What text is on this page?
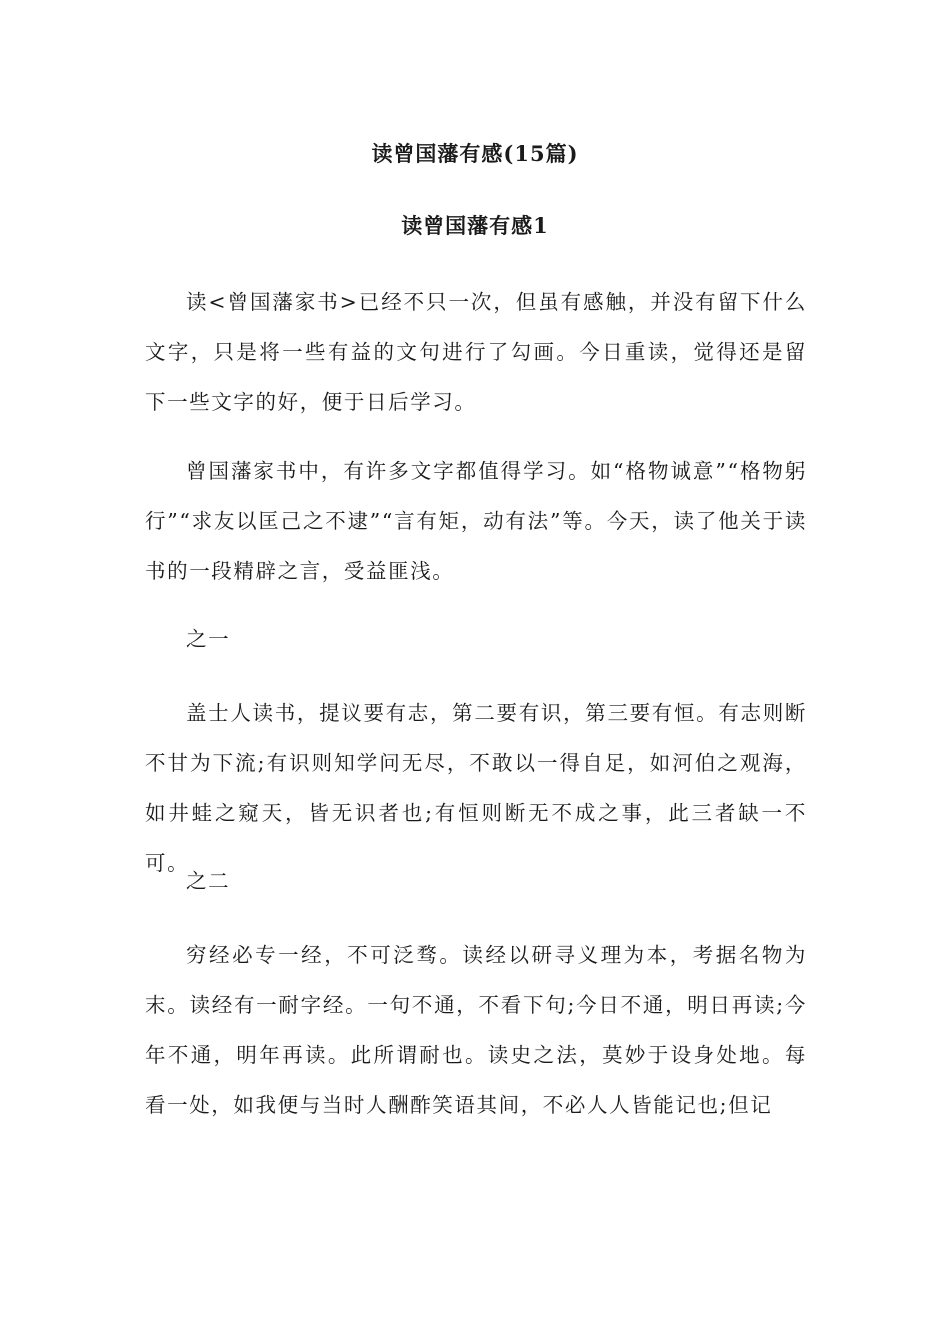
读曾国藩有感(15篇)
读曾国藩有感1

读<曾国藩家书>已经不只一次，但虽有感触，并没有留下什么文字，只是将一些有益的文句进行了勾画。今日重读，觉得还是留下一些文字的好，便于日后学习。

曾国藩家书中，有许多文字都值得学习。如“格物诚意”“格物躬行”“求友以匡己之不逮”“言有矩，动有法”等。今天，读了他关于读书的一段精辟之言，受益匪浅。

之一

盖士人读书，提议要有志，第二要有识，第三要有恒。有志则断不甘为下流;有识则知学问无尽，不敢以一得自足，如河伯之观海，如井蛙之窥天，皆无识者也;有恒则断无不成之事，此三者缺一不可。

之二

穷经必专一经，不可泛骛。读经以研寻义理为本，考据名物为末。读经有一耐字经。一句不通，不看下句;今日不通，明日再读;今年不通，明年再读。此所谓耐也。读史之法，莫妙于设身处地。每看一处，如我便与当时人酬酢笑语其间，不必人人皆能记也;但记
